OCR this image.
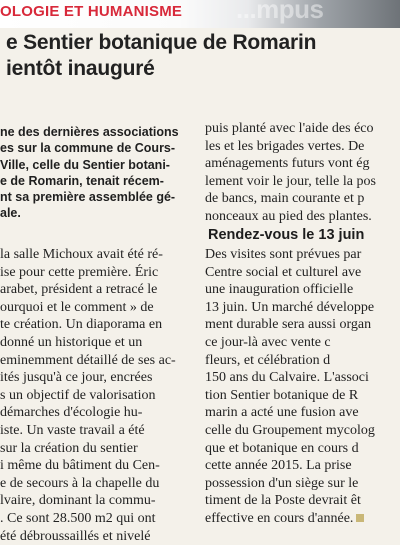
OLOGIE ET HUMANISME ...mpus
e Sentier botanique de Romarin
ientôt inauguré
ne des dernières associations
es sur la commune de Cours-
Ville, celle du Sentier botani-
e de Romarin, tenait récem-
nt sa première assemblée gé-
ale.
la salle Michoux avait été ré-
ise pour cette première. Éric
arabet, président a retracé le
ourquoi et le comment » de
te création. Un diaporama en
donné un historique et un
eminemment détaillé de ses ac-
ités jusqu'à ce jour, encrées
s un objectif de valorisation
démarches d'écologie hu-
iste. Un vaste travail a été
sur la création du sentier
i même du bâtiment du Cen-
e de secours à la chapelle du
lvaire, dominant la commu-
. Ce sont 28.500 m2 qui ont
été débroussaillés et nivelé
puis planté avec l'aide des éco
les et les brigades vertes. De
aménagements futurs vont ég
lement voir le jour, telle la pos
de bancs, main courante et p
nonceaux au pied des plantes.
Rendez-vous le 13 juin
Des visites sont prévues par
Centre social et culturel ave
une inauguration officielle
13 juin. Un marché développe
ment durable sera aussi organ
ce jour-là avec vente c
fleurs, et célébration d
150 ans du Calvaire. L'associ
tion Sentier botanique de R
marin a acté une fusion ave
celle du Groupement mycolog
que et botanique en cours d
cette année 2015. La prise
possession d'un siège sur le
timent de la Poste devrait êt
effective en cours d'année.
